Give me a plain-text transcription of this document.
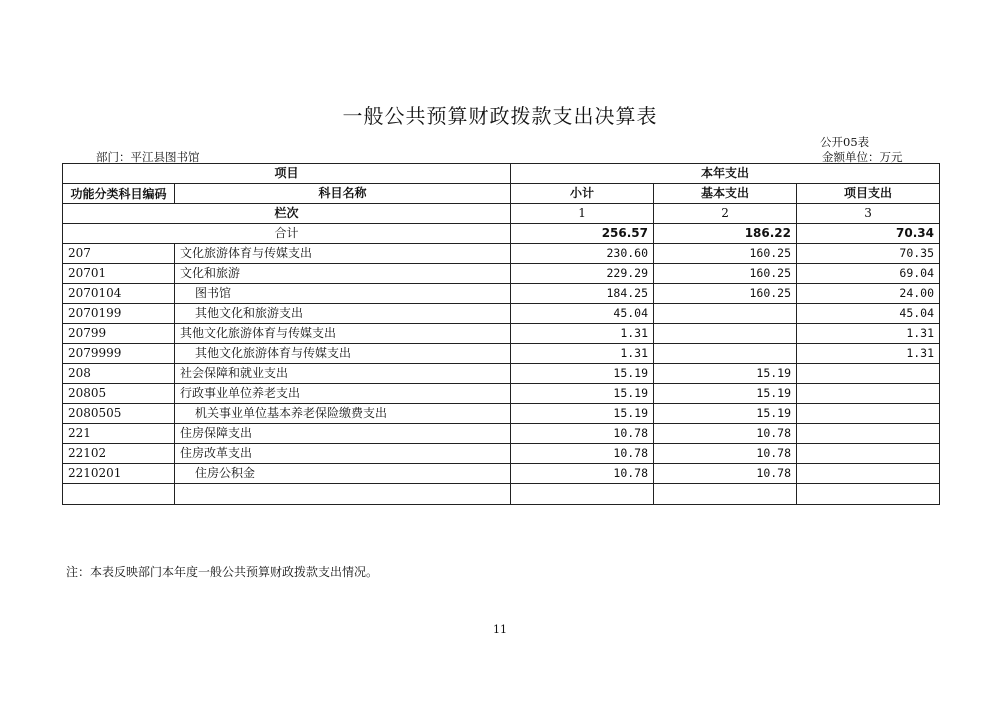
一般公共预算财政拨款支出决算表
公开05表
部门：平江县图书馆	金额单位：万元
项目		本年支出		

功能分类科目编码	科目名称	小计	基本支出	项目支出
栏次		1	2	3
合计		256.57	186.22	70.34
207	文化旅游体育与传媒支出	230.60	160.25	70.35
20701	文化和旅游	229.29	160.25	69.04
2070104	图书馆	184.25	160.25	24.00
2070199	其他文化和旅游支出	45.04		45.04
20799	其他文化旅游体育与传媒支出	1.31		1.31
2079999	其他文化旅游体育与传媒支出	1.31		1.31
208	社会保障和就业支出	15.19	15.19	
20805	行政事业单位养老支出	15.19	15.19	
2080505	机关事业单位基本养老保险缴费支出	15.19	15.19	
221	住房保障支出	10.78	10.78	
22102	住房改革支出	10.78	10.78	
2210201	住房公积金	10.78	10.78	

注：本表反映部门本年度一般公共预算财政拨款支出情况。
11
